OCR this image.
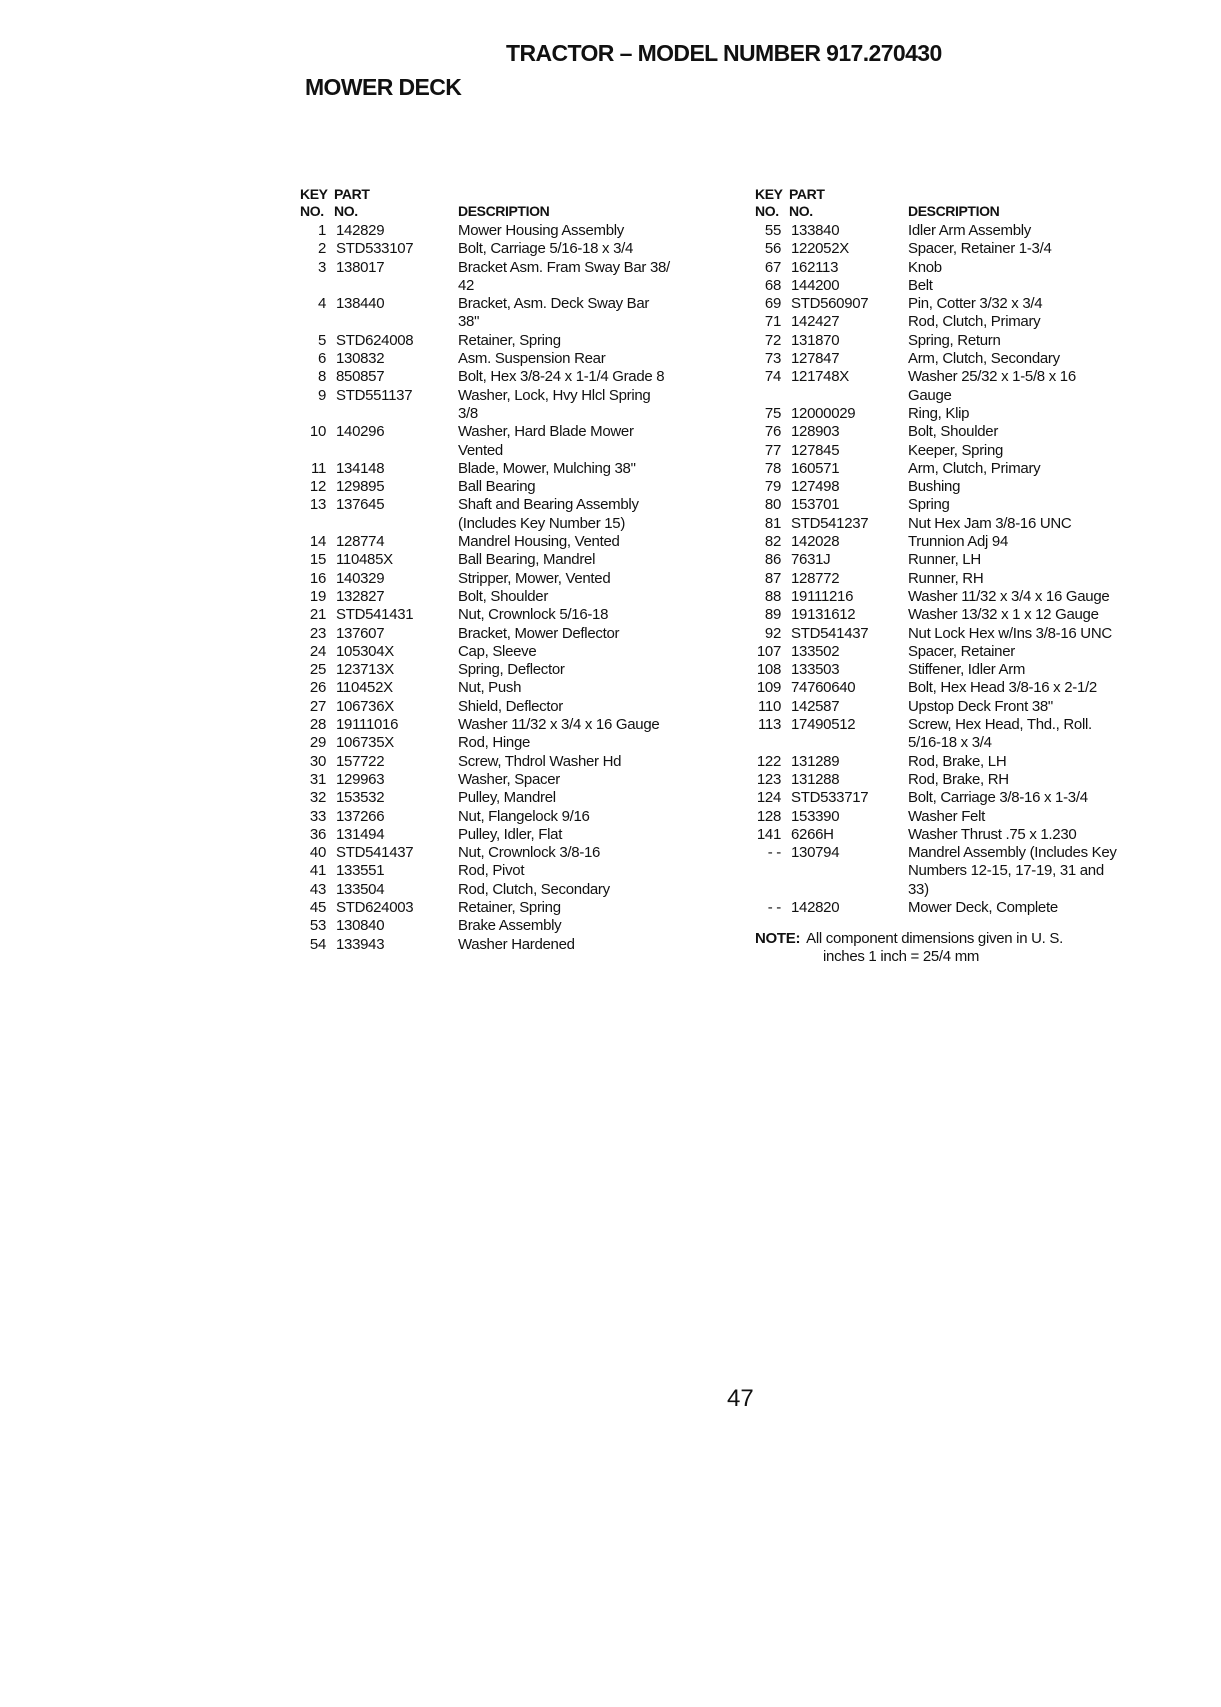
TRACTOR – MODEL NUMBER 917.270430
MOWER DECK
KEY PART
NO. NO.	DESCRIPTION
1 142829	Mower Housing Assembly
2 STD533107	Bolt, Carriage 5/16-18 x 3/4
3 138017	Bracket Asm. Fram Sway Bar 38/
42
4 138440	Bracket, Asm. Deck Sway Bar
38"
5 STD624008	Retainer, Spring
6 130832	Asm. Suspension Rear
8 850857	Bolt, Hex 3/8-24 x 1-1/4 Grade 8
9 STD551137	Washer, Lock, Hvy Hlcl Spring
3/8
10 140296	Washer, Hard Blade Mower
Vented
11 134148	Blade, Mower, Mulching 38"
12 129895	Ball Bearing
13 137645	Shaft and Bearing Assembly
(Includes Key Number 15)
14 128774	Mandrel Housing, Vented
15 110485X	Ball Bearing, Mandrel
16 140329	Stripper, Mower, Vented
19 132827	Bolt, Shoulder
21 STD541431	Nut, Crownlock 5/16-18
23 137607	Bracket, Mower Deflector
24 105304X	Cap, Sleeve
25 123713X	Spring, Deflector
26 110452X	Nut, Push
27 106736X	Shield, Deflector
28 19111016	Washer 11/32 x 3/4 x 16 Gauge
29 106735X	Rod, Hinge
30 157722	Screw, Thdrol Washer Hd
31 129963	Washer, Spacer
32 153532	Pulley, Mandrel
33 137266	Nut, Flangelock 9/16
36 131494	Pulley, Idler, Flat
40 STD541437	Nut, Crownlock 3/8-16
41 133551	Rod, Pivot
43 133504	Rod, Clutch, Secondary
45 STD624003	Retainer, Spring
53 130840	Brake Assembly
54 133943	Washer Hardened
KEY PART
NO. NO.	DESCRIPTION
55 133840	Idler Arm Assembly
56 122052X	Spacer, Retainer 1-3/4
67 162113	Knob
68 144200	Belt
69 STD560907	Pin, Cotter 3/32 x 3/4
71 142427	Rod, Clutch, Primary
72 131870	Spring, Return
73 127847	Arm, Clutch, Secondary
74 121748X	Washer 25/32 x 1-5/8 x 16
Gauge
75 12000029	Ring, Klip
76 128903	Bolt, Shoulder
77 127845	Keeper, Spring
78 160571	Arm, Clutch, Primary
79 127498	Bushing
80 153701	Spring
81 STD541237	Nut Hex Jam 3/8-16 UNC
82 142028	Trunnion Adj 94
86 7631J	Runner, LH
87 128772	Runner, RH
88 19111216	Washer 11/32 x 3/4 x 16 Gauge
89 19131612	Washer 13/32 x 1 x 12 Gauge
92 STD541437	Nut Lock Hex w/Ins 3/8-16 UNC
107 133502	Spacer, Retainer
108 133503	Stiffener, Idler Arm
109 74760640	Bolt, Hex Head 3/8-16 x 2-1/2
110 142587	Upstop Deck Front 38"
113 17490512	Screw, Hex Head, Thd., Roll.
5/16-18 x 3/4
122 131289	Rod, Brake, LH
123 131288	Rod, Brake, RH
124 STD533717	Bolt, Carriage 3/8-16 x 1-3/4
128 153390	Washer Felt
141 6266H	Washer Thrust .75 x 1.230
- - 130794	Mandrel Assembly (Includes Key
Numbers 12-15, 17-19, 31 and
33)
- - 142820	Mower Deck, Complete
NOTE: All component dimensions given in U. S.
inches 1 inch = 25/4 mm
47
